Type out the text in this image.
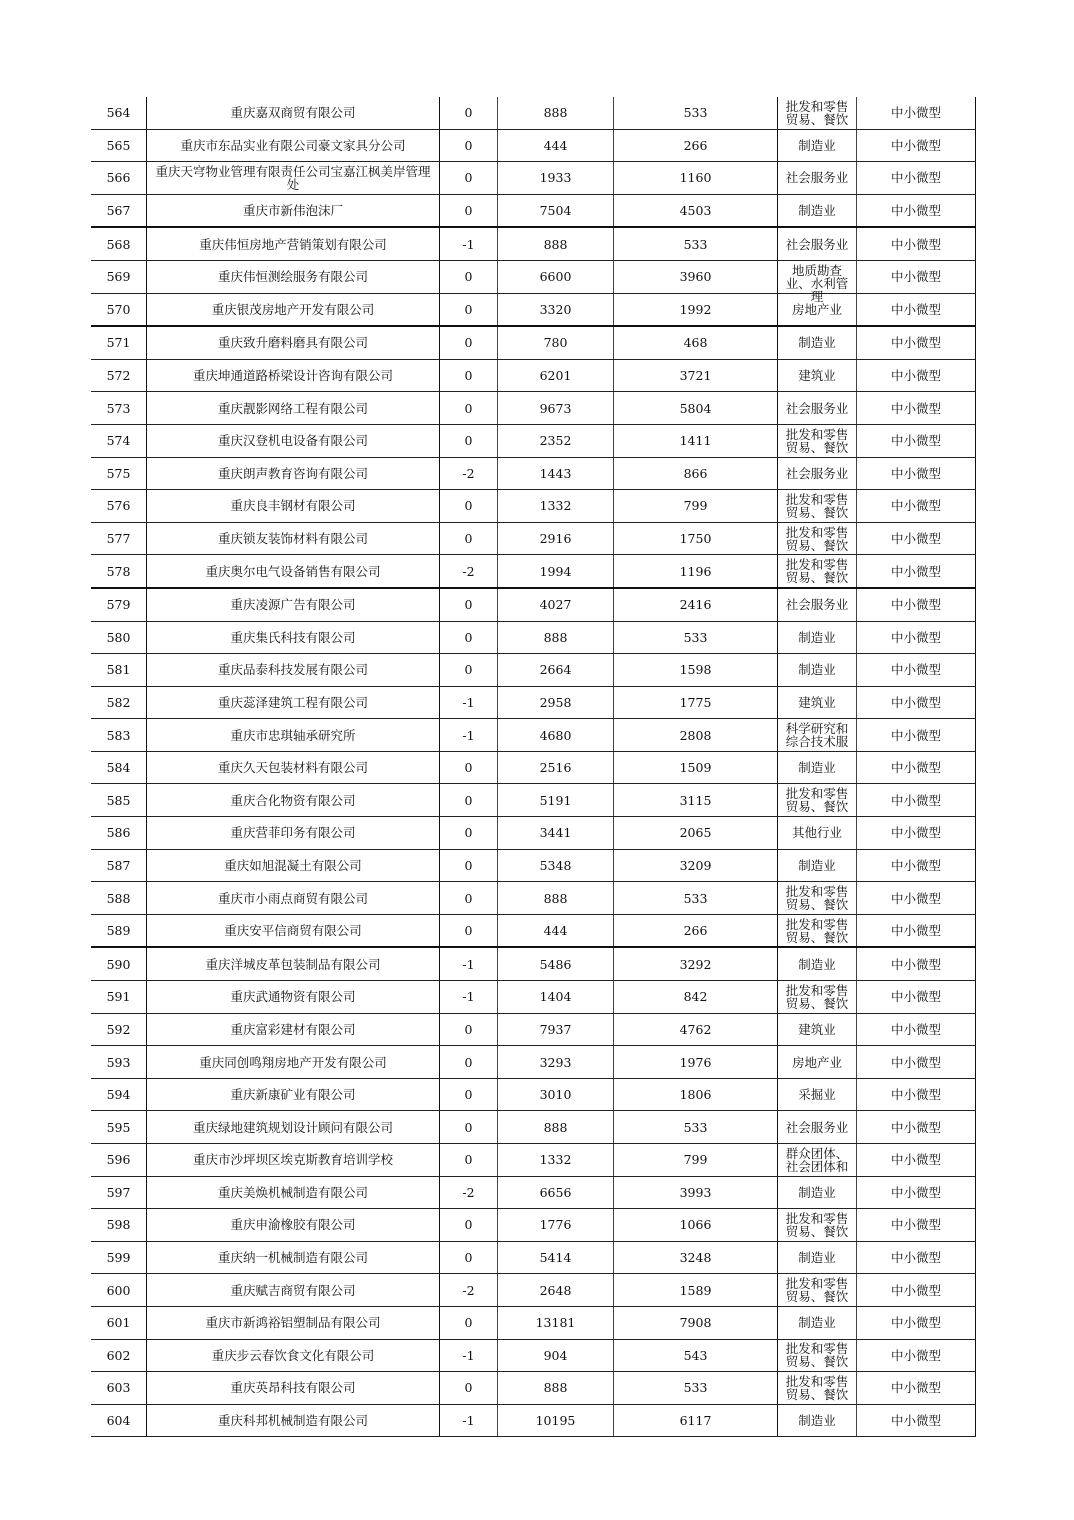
564	重庆嘉双商贸有限公司	0	888	533	批发和零售贸易、餐饮	中小微型
565	重庆市东品实业有限公司豪文家具分公司	0	444	266	制造业	中小微型
566	重庆天穹物业管理有限责任公司宝嘉江枫美岸管理处	0	1933	1160	社会服务业	中小微型
567	重庆市新伟泡沫厂	0	7504	4503	制造业	中小微型
568	重庆伟恒房地产营销策划有限公司	-1	888	533	社会服务业	中小微型
569	重庆伟恒测绘服务有限公司	0	6600	3960	地质勘查业、水利管理	中小微型
570	重庆银茂房地产开发有限公司	0	3320	1992	房地产业	中小微型
571	重庆致升磨料磨具有限公司	0	780	468	制造业	中小微型
572	重庆坤通道路桥梁设计咨询有限公司	0	6201	3721	建筑业	中小微型
573	重庆靓影网络工程有限公司	0	9673	5804	社会服务业	中小微型
574	重庆汉登机电设备有限公司	0	2352	1411	批发和零售贸易、餐饮	中小微型
575	重庆朗声教育咨询有限公司	-2	1443	866	社会服务业	中小微型
576	重庆良丰钢材有限公司	0	1332	799	批发和零售贸易、餐饮	中小微型
577	重庆锁友装饰材料有限公司	0	2916	1750	批发和零售贸易、餐饮	中小微型
578	重庆奥尔电气设备销售有限公司	-2	1994	1196	批发和零售贸易、餐饮	中小微型
579	重庆凌源广告有限公司	0	4027	2416	社会服务业	中小微型
580	重庆集氏科技有限公司	0	888	533	制造业	中小微型
581	重庆品泰科技发展有限公司	0	2664	1598	制造业	中小微型
582	重庆蕊泽建筑工程有限公司	-1	2958	1775	建筑业	中小微型
583	重庆市忠琪轴承研究所	-1	4680	2808	科学研究和综合技术服	中小微型
584	重庆久天包装材料有限公司	0	2516	1509	制造业	中小微型
585	重庆合化物资有限公司	0	5191	3115	批发和零售贸易、餐饮	中小微型
586	重庆营菲印务有限公司	0	3441	2065	其他行业	中小微型
587	重庆如旭混凝土有限公司	0	5348	3209	制造业	中小微型
588	重庆市小雨点商贸有限公司	0	888	533	批发和零售贸易、餐饮	中小微型
589	重庆安平信商贸有限公司	0	444	266	批发和零售贸易、餐饮	中小微型
590	重庆洋城皮革包装制品有限公司	-1	5486	3292	制造业	中小微型
591	重庆武通物资有限公司	-1	1404	842	批发和零售贸易、餐饮	中小微型
592	重庆富彩建材有限公司	0	7937	4762	建筑业	中小微型
593	重庆同创鸣翔房地产开发有限公司	0	3293	1976	房地产业	中小微型
594	重庆新康矿业有限公司	0	3010	1806	采掘业	中小微型
595	重庆绿地建筑规划设计顾问有限公司	0	888	533	社会服务业	中小微型
596	重庆市沙坪坝区埃克斯教育培训学校	0	1332	799	群众团体、社会团体和	中小微型
597	重庆美焕机械制造有限公司	-2	6656	3993	制造业	中小微型
598	重庆申渝橡胶有限公司	0	1776	1066	批发和零售贸易、餐饮	中小微型
599	重庆纳一机械制造有限公司	0	5414	3248	制造业	中小微型
600	重庆赋吉商贸有限公司	-2	2648	1589	批发和零售贸易、餐饮	中小微型
601	重庆市新鸿裕铝塑制品有限公司	0	13181	7908	制造业	中小微型
602	重庆步云春饮食文化有限公司	-1	904	543	批发和零售贸易、餐饮	中小微型
603	重庆英昂科技有限公司	0	888	533	批发和零售贸易、餐饮	中小微型
604	重庆科邦机械制造有限公司	-1	10195	6117	制造业	中小微型
